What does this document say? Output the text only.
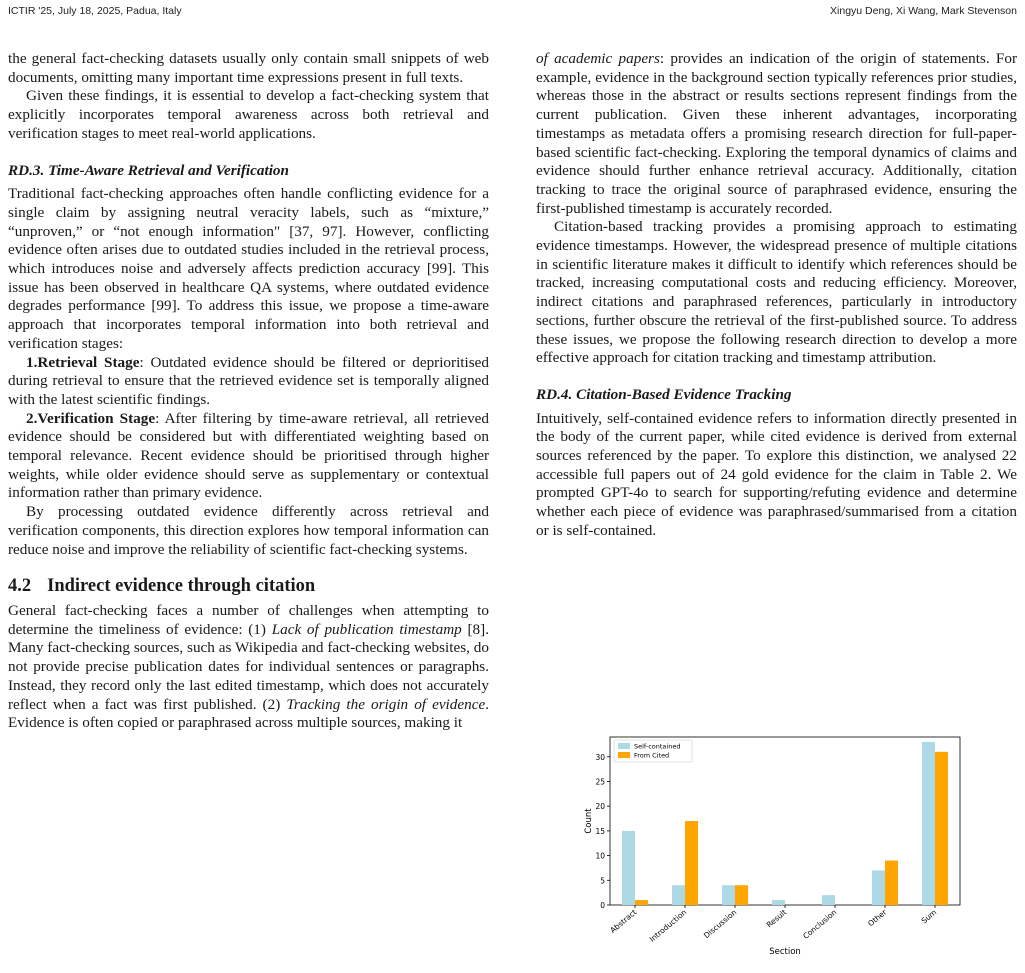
ICTIR '25, July 18, 2025, Padua, Italy	Xingyu Deng, Xi Wang, Mark Stevenson

the general fact-checking datasets usually only contain small snippets of web documents, omitting many important time expressions present in full texts.

Given these findings, it is essential to develop a fact-checking system that explicitly incorporates temporal awareness across both retrieval and verification stages to meet real-world applications.

RD.3. Time-Aware Retrieval and Verification

Traditional fact-checking approaches often handle conflicting evidence for a single claim by assigning neutral veracity labels, such as “mixture,” “unproven,” or “not enough information" [37, 97]. However, conflicting evidence often arises due to outdated studies included in the retrieval process, which introduces noise and adversely affects prediction accuracy [99]. This issue has been observed in healthcare QA systems, where outdated evidence degrades performance [99]. To address this issue, we propose a time-aware approach that incorporates temporal information into both retrieval and verification stages:

1.Retrieval Stage: Outdated evidence should be filtered or deprioritised during retrieval to ensure that the retrieved evidence set is temporally aligned with the latest scientific findings.

2.Verification Stage: After filtering by time-aware retrieval, all retrieved evidence should be considered but with differentiated weighting based on temporal relevance. Recent evidence should be prioritised through higher weights, while older evidence should serve as supplementary or contextual information rather than primary evidence.

By processing outdated evidence differently across retrieval and verification components, this direction explores how temporal information can reduce noise and improve the reliability of scientific fact-checking systems.

4.2 Indirect evidence through citation

General fact-checking faces a number of challenges when attempting to determine the timeliness of evidence: (1) Lack of publication timestamp [8]. Many fact-checking sources, such as Wikipedia and fact-checking websites, do not provide precise publication dates for individual sentences or paragraphs. Instead, they record only the last edited timestamp, which does not accurately reflect when a fact was first published. (2) Tracking the origin of evidence. Evidence is often copied or paraphrased across multiple sources, making it

of academic papers: provides an indication of the origin of statements. For example, evidence in the background section typically references prior studies, whereas those in the abstract or results sections represent findings from the current publication. Given these inherent advantages, incorporating timestamps as metadata offers a promising research direction for full-paper-based scientific fact-checking. Exploring the temporal dynamics of claims and evidence should further enhance retrieval accuracy. Additionally, citation tracking to trace the original source of paraphrased evidence, ensuring the first-published timestamp is accurately recorded.

Citation-based tracking provides a promising approach to estimating evidence timestamps. However, the widespread presence of multiple citations in scientific literature makes it difficult to identify which references should be tracked, increasing computational costs and reducing efficiency. Moreover, indirect citations and paraphrased references, particularly in introductory sections, further obscure the retrieval of the first-published source. To address these issues, we propose the following research direction to develop a more effective approach for citation tracking and timestamp attribution.

RD.4. Citation-Based Evidence Tracking

Intuitively, self-contained evidence refers to information directly presented in the body of the current paper, while cited evidence is derived from external sources referenced by the paper. To explore this distinction, we analysed 22 accessible full papers out of 24 gold evidence for the claim in Table 2. We prompted GPT-4o to search for supporting/refuting evidence and determine whether each piece of evidence was paraphrased/summarised from a citation or is self-contained.

0
5
10
15
20
25
30
Abstract Introduction Discussion	Result Conclusion	Other	Sum
Section
Count
Self-contained
From Cited
